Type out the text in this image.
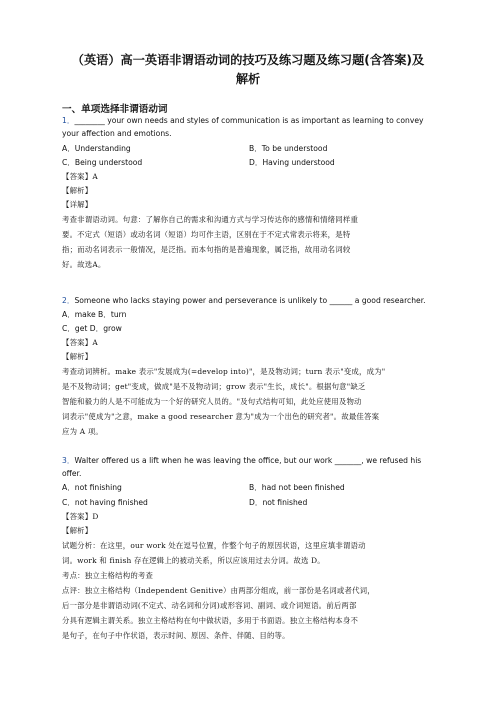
（英语）高一英语非谓语动词的技巧及练习题及练习题(含答案)及
解析
一、单项选择非谓语动词
1．________ your own needs and styles of communication is as important as learning to convey
your affection and emotions.
A．Understanding	B．To be understood
C．Being understood	D．Having understood
【答案】A
【解析】
【详解】
考查非谓语动词。句意：了解你自己的需求和沟通方式与学习传达你的感情和情绪同样重
要。不定式（短语）或动名词（短语）均可作主语，区别在于不定式常表示将来，是特
指；而动名词表示一般情况，是泛指。而本句指的是普遍现象，属泛指，故用动名词较
好。故选A。
2．Someone who lacks staying power and perseverance is unlikely to ______ a good researcher.
A．make B．turn
C．get D．grow
【答案】A
【解析】
考查动词辨析。make 表示"发展成为(=develop into)"，是及物动词；turn 表示"变成，成为"
是不及物动词；get"变成，做成"是不及物动词；grow 表示"生长，成长"。根据句意"缺乏
智能和毅力的人是不可能成为一个好的研究人员的。"及句式结构可知，此处应使用及物动
词表示"使成为"之意，make a good researcher 意为"成为一个出色的研究者"。故最佳答案
应为 A 项。
3．Walter offered us a lift when he was leaving the office, but our work _______, we refused his
offer.
A．not finishing	B．had not been finished
C．not having finished	D．not finished
【答案】D
【解析】
试题分析：在这里，our work 处在逗号位置，作整个句子的原因状语，这里应填非谓语动
词。work 和 finish 存在逻辑上的被动关系，所以应该用过去分词。故选 D。
考点：独立主格结构的考查
点评：独立主格结构（Independent Genitive）由两部分组成，前一部份是名词或者代词，
后一部分是非谓语动词(不定式、动名词和分词)或形容词、副词、或介词短语。前后两部
分具有逻辑主谓关系。独立主格结构在句中做状语，多用于书面语。独立主格结构本身不
是句子，在句子中作状语，表示时间、原因、条件、伴随、目的等。
